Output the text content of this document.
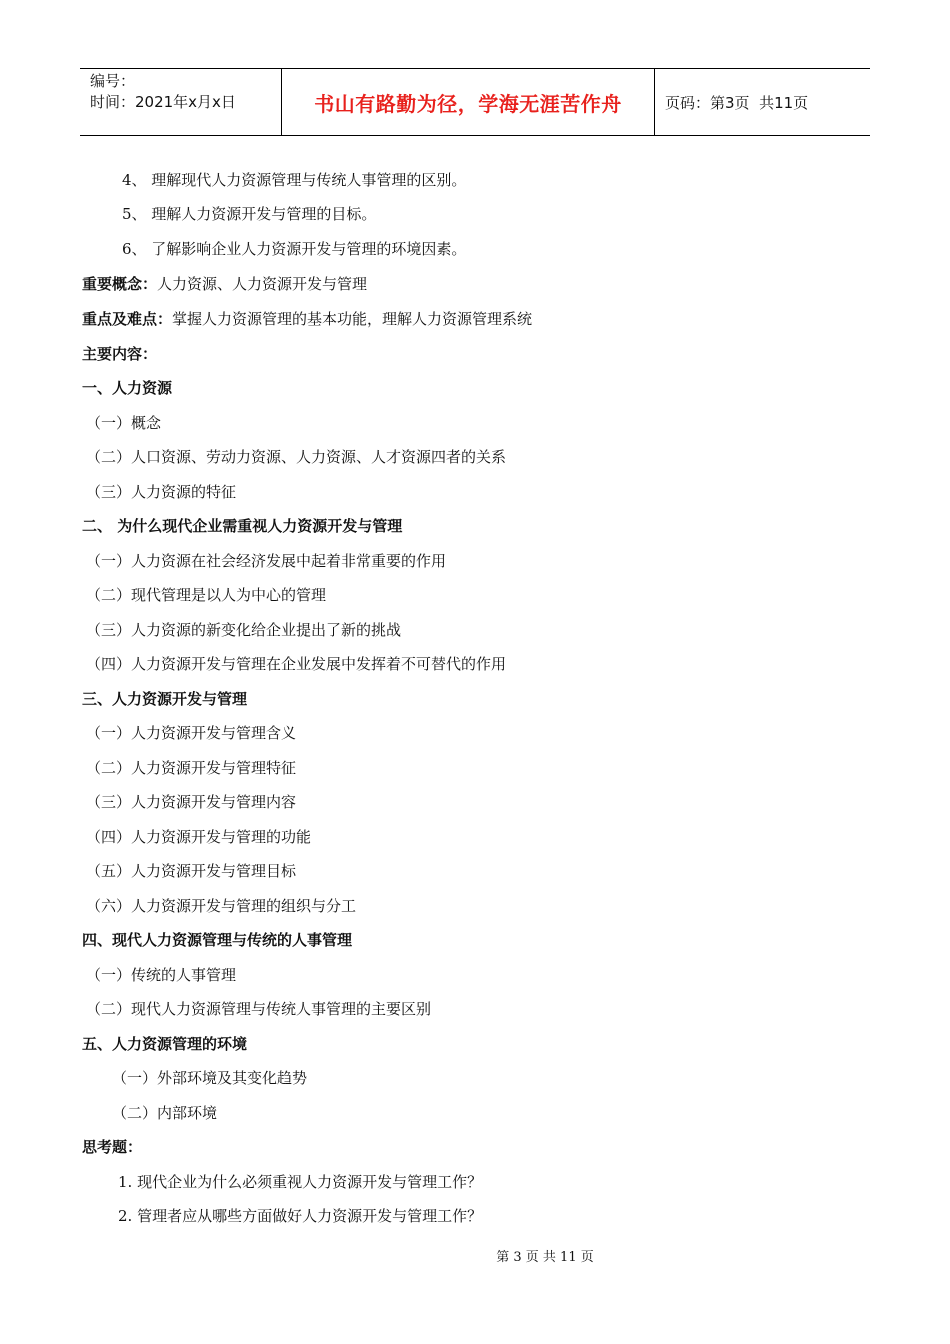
编号：
时间：2021年x月x日	书山有路勤为径，学海无涯苦作舟	页码：第3页  共11页
4、 理解现代人力资源管理与传统人事管理的区别。
5、 理解人力资源开发与管理的目标。
6、 了解影响企业人力资源开发与管理的环境因素。
重要概念：人力资源、人力资源开发与管理
重点及难点：掌握人力资源管理的基本功能，理解人力资源管理系统
主要内容：
一、人力资源
（一）概念
（二）人口资源、劳动力资源、人力资源、人才资源四者的关系
（三）人力资源的特征
二、 为什么现代企业需重视人力资源开发与管理
（一）人力资源在社会经济发展中起着非常重要的作用
（二）现代管理是以人为中心的管理
（三）人力资源的新变化给企业提出了新的挑战
（四）人力资源开发与管理在企业发展中发挥着不可替代的作用
三、人力资源开发与管理
（一）人力资源开发与管理含义
（二）人力资源开发与管理特征
（三）人力资源开发与管理内容
（四）人力资源开发与管理的功能
（五）人力资源开发与管理目标
（六）人力资源开发与管理的组织与分工
四、现代人力资源管理与传统的人事管理
（一）传统的人事管理
（二）现代人力资源管理与传统人事管理的主要区别
五、人力资源管理的环境
（一）外部环境及其变化趋势
（二）内部环境
思考题：
1. 现代企业为什么必须重视人力资源开发与管理工作？
2. 管理者应从哪些方面做好人力资源开发与管理工作？
第 3 页 共 11 页
